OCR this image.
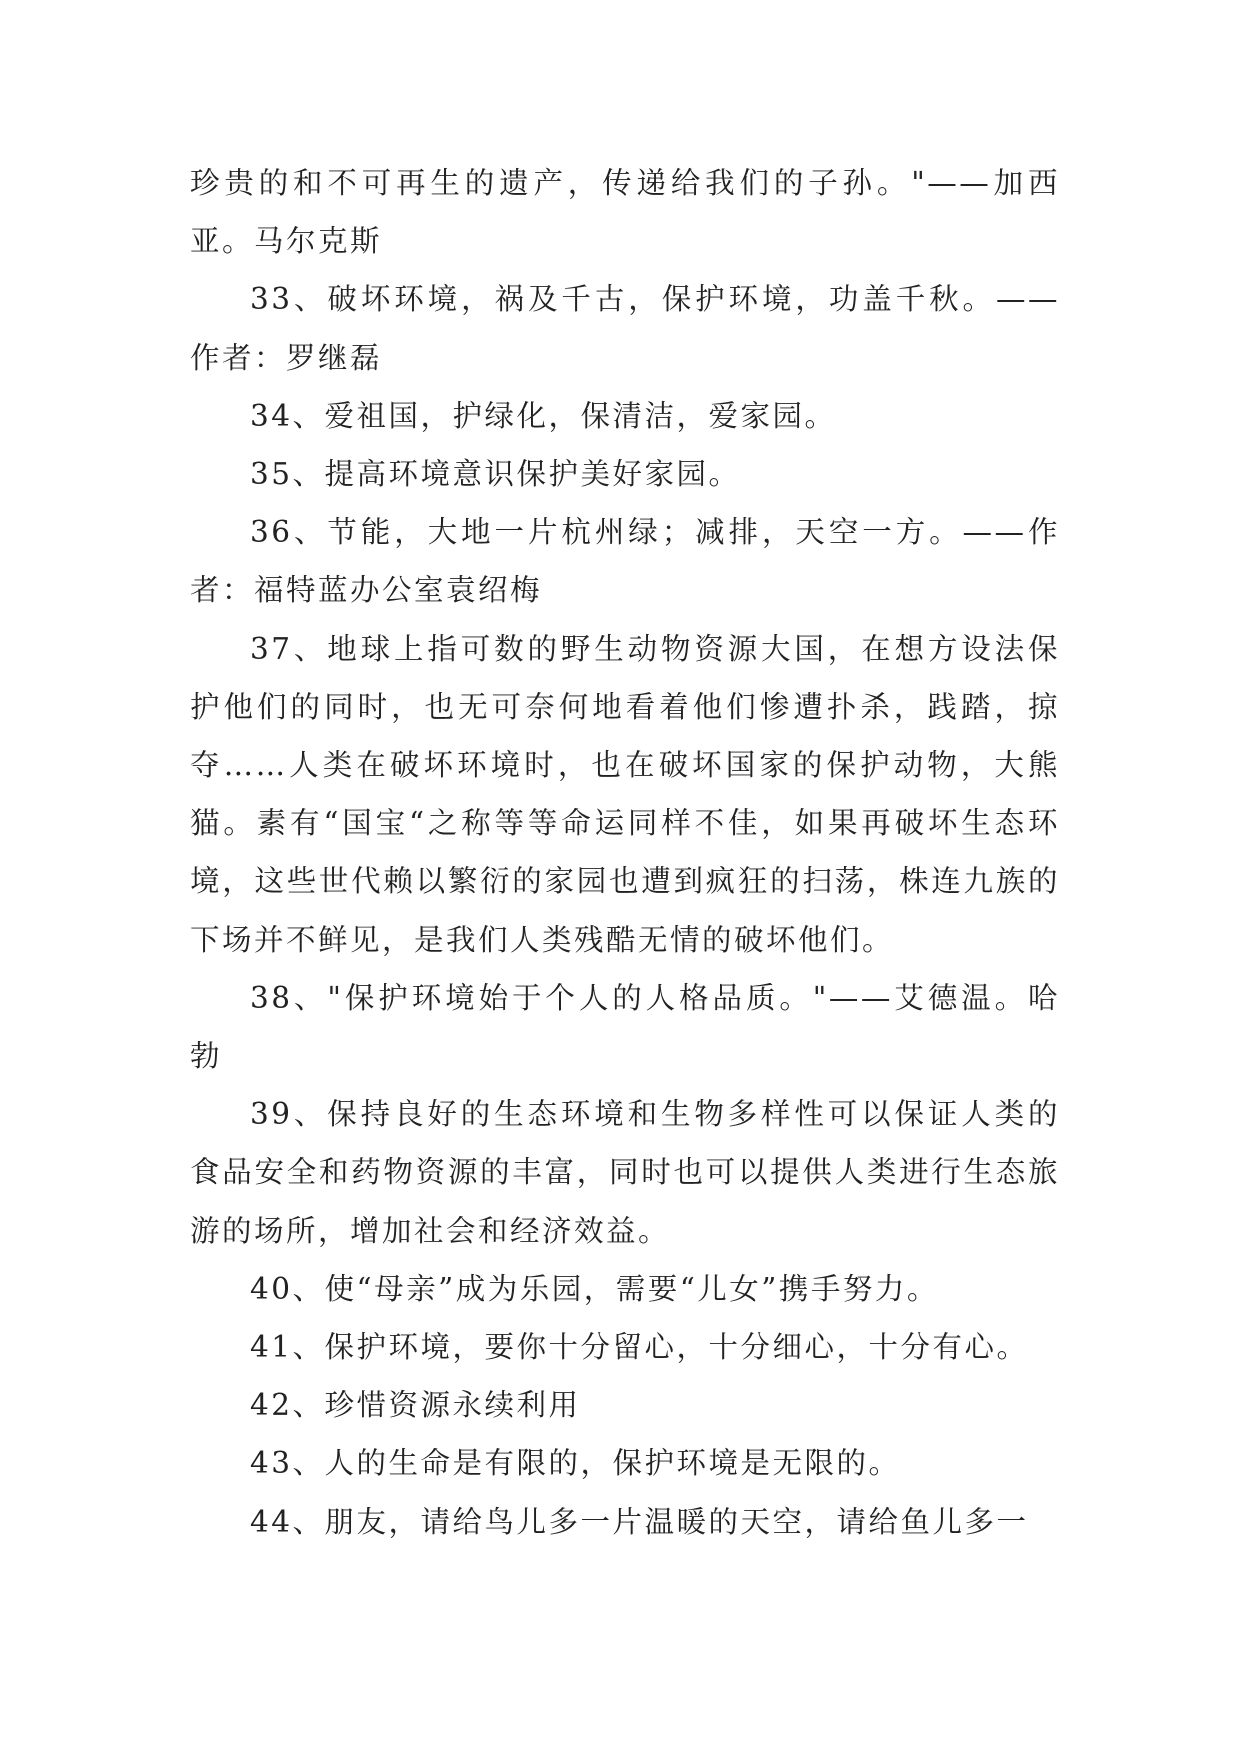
珍贵的和不可再生的遗产，传递给我们的子孙。"——加西亚。马尔克斯

33、破坏环境，祸及千古，保护环境，功盖千秋。——作者：罗继磊

34、爱祖国，护绿化，保清洁，爱家园。

35、提高环境意识保护美好家园。

36、节能，大地一片杭州绿；减排，天空一方。——作者：福特蓝办公室袁绍梅

37、地球上指可数的野生动物资源大国，在想方设法保护他们的同时，也无可奈何地看着他们惨遭扑杀，践踏，掠夺……人类在破坏环境时，也在破坏国家的保护动物，大熊猫。素有“国宝“之称等等命运同样不佳，如果再破坏生态环境，这些世代赖以繁衍的家园也遭到疯狂的扫荡，株连九族的下场并不鲜见，是我们人类残酷无情的破坏他们。

38、"保护环境始于个人的人格品质。"——艾德温。哈勃

39、保持良好的生态环境和生物多样性可以保证人类的食品安全和药物资源的丰富，同时也可以提供人类进行生态旅游的场所，增加社会和经济效益。

40、使“母亲”成为乐园，需要“儿女”携手努力。

41、保护环境，要你十分留心，十分细心，十分有心。

42、珍惜资源永续利用

43、人的生命是有限的，保护环境是无限的。

44、朋友，请给鸟儿多一片温暖的天空，请给鱼儿多一
